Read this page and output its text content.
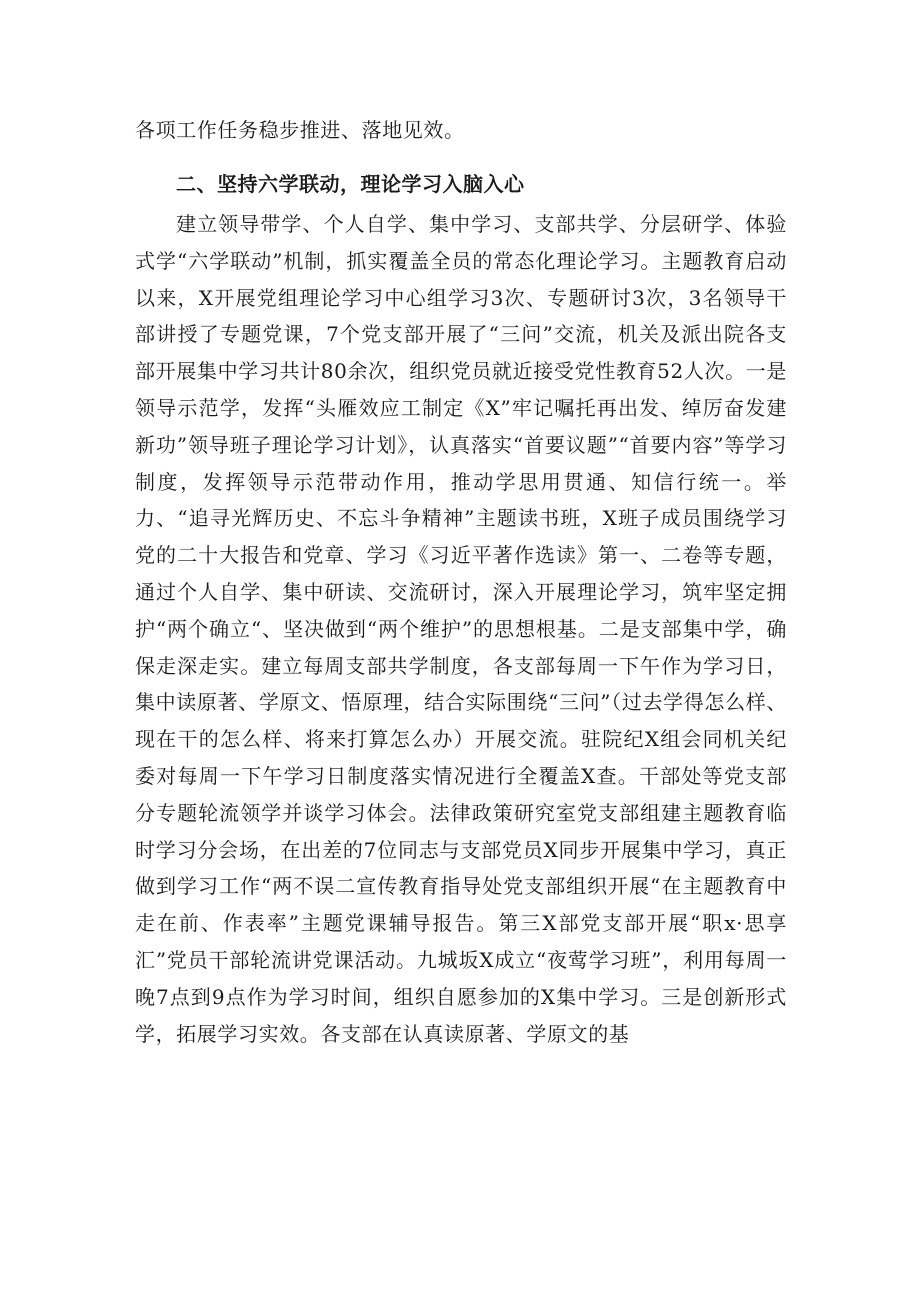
各项工作任务稳步推进、落地见效。

二、坚持六学联动，理论学习入脑入心

建立领导带学、个人自学、集中学习、支部共学、分层研学、体验式学“六学联动”机制，抓实覆盖全员的常态化理论学习。主题教育启动以来，X开展党组理论学习中心组学习3次、专题研讨3次，3名领导干部讲授了专题党课，7个党支部开展了“三问”交流，机关及派出院各支部开展集中学习共计80余次，组织党员就近接受党性教育52人次。一是领导示范学，发挥“头雁效应工制定《X”牢记嘱托再出发、绰厉奋发建新功”领导班子理论学习计划》，认真落实“首要议题”“首要内容”等学习制度，发挥领导示范带动作用，推动学思用贯通、知信行统一。举力、“追寻光辉历史、不忘斗争精神”主题读书班，X班子成员围绕学习党的二十大报告和党章、学习《习近平著作选读》第一、二卷等专题，通过个人自学、集中研读、交流研讨，深入开展理论学习，筑牢坚定拥护“两个确立“、坚决做到“两个维护”的思想根基。二是支部集中学，确保走深走实。建立每周支部共学制度，各支部每周一下午作为学习日，集中读原著、学原文、悟原理，结合实际围绕“三问”（过去学得怎么样、现在干的怎么样、将来打算怎么办）开展交流。驻院纪X组会同机关纪委对每周一下午学习日制度落实情况进行全覆盖X查。干部处等党支部分专题轮流领学并谈学习体会。法律政策研究室党支部组建主题教育临时学习分会场，在出差的7位同志与支部党员X同步开展集中学习，真正做到学习工作“两不误二宣传教育指导处党支部组织开展“在主题教育中走在前、作表率”主题党课辅导报告。第三X部党支部开展“职x·思享汇”党员干部轮流讲党课活动。九城坂X成立“夜莺学习班”，利用每周一晚7点到9点作为学习时间，组织自愿参加的X集中学习。三是创新形式学，拓展学习实效。各支部在认真读原著、学原文的基
